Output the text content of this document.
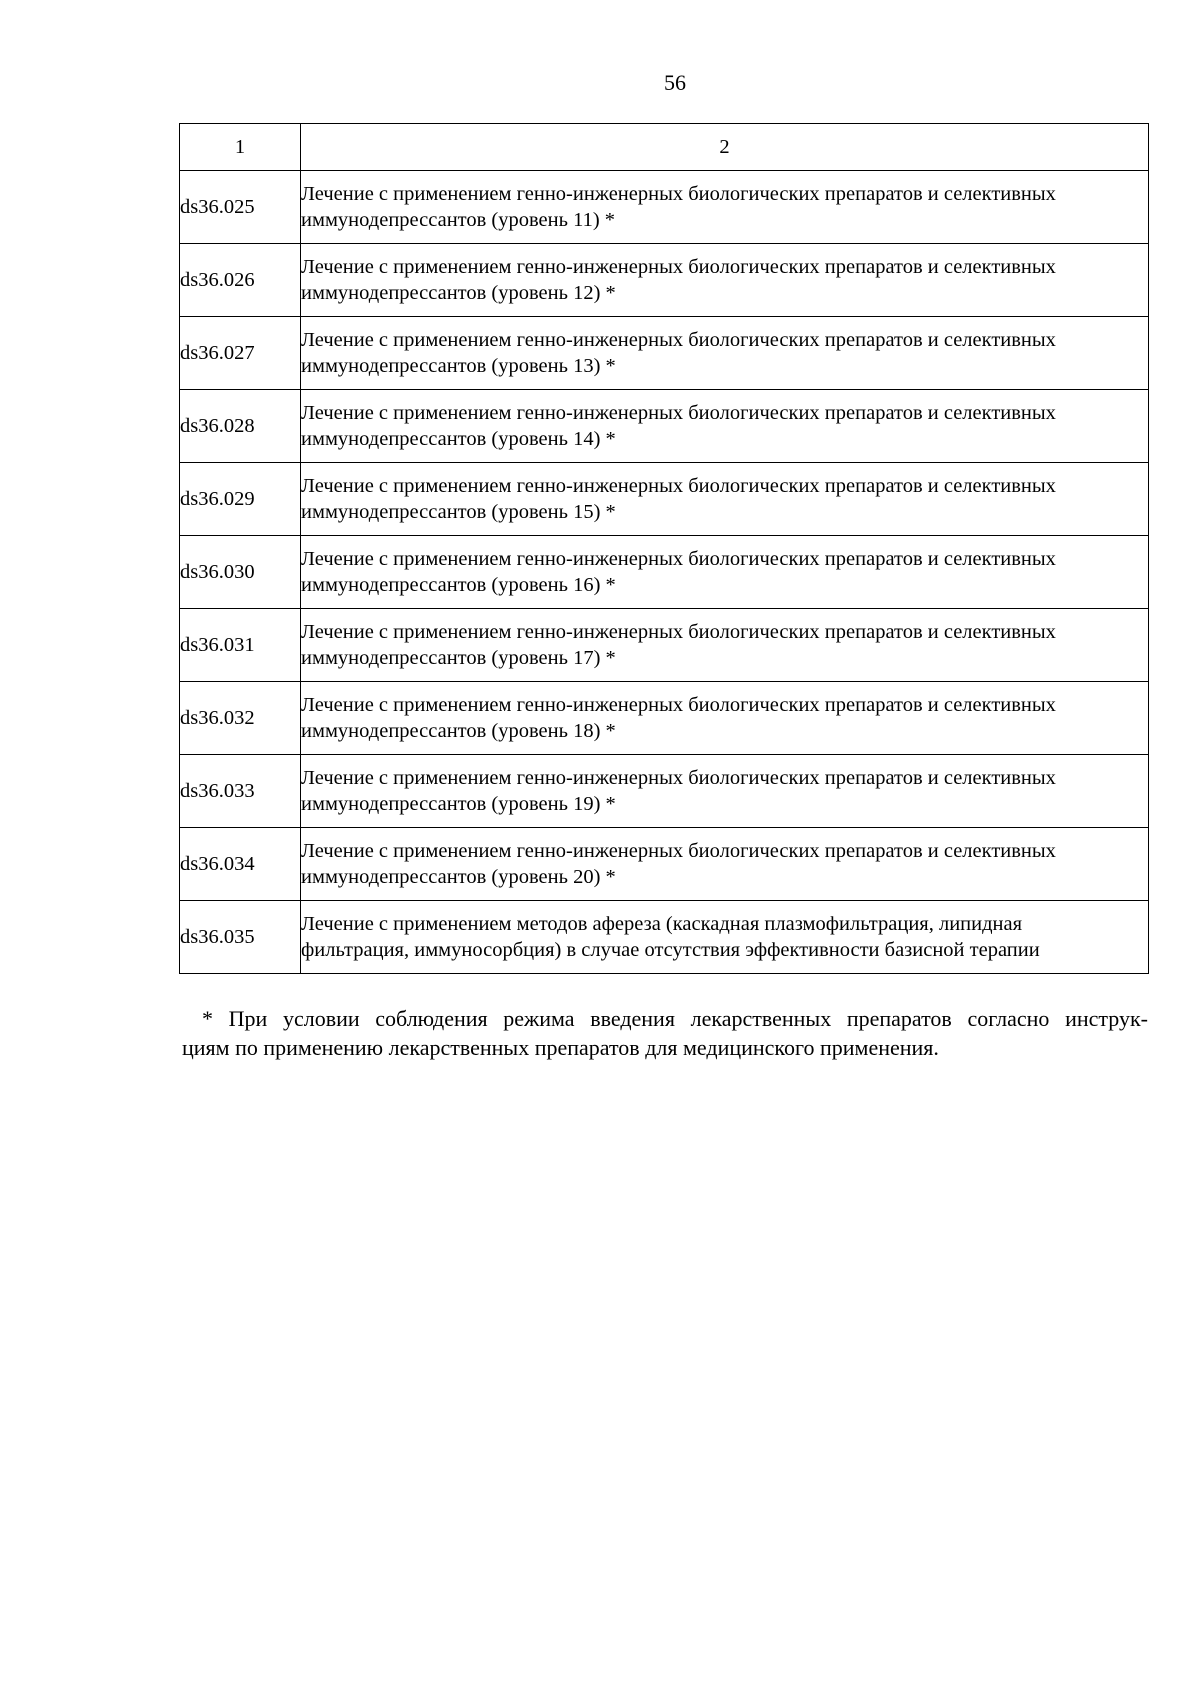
56
1	2
ds36.025	Лечение с применением генно-инженерных биологических препаратов и селективных
иммунодепрессантов (уровень 11) *

ds36.026	Лечение с применением генно-инженерных биологических препаратов и селективных
иммунодепрессантов (уровень 12) *

ds36.027	Лечение с применением генно-инженерных биологических препаратов и селективных
иммунодепрессантов (уровень 13) *

ds36.028	Лечение с применением генно-инженерных биологических препаратов и селективных
иммунодепрессантов (уровень 14) *

ds36.029	Лечение с применением генно-инженерных биологических препаратов и селективных
иммунодепрессантов (уровень 15) *

ds36.030	Лечение с применением генно-инженерных биологических препаратов и селективных
иммунодепрессантов (уровень 16) *

ds36.031	Лечение с применением генно-инженерных биологических препаратов и селективных
иммунодепрессантов (уровень 17) *

ds36.032	Лечение с применением генно-инженерных биологических препаратов и селективных
иммунодепрессантов (уровень 18) *

ds36.033	Лечение с применением генно-инженерных биологических препаратов и селективных
иммунодепрессантов (уровень 19) *

ds36.034	Лечение с применением генно-инженерных биологических препаратов и селективных
иммунодепрессантов (уровень 20) *

ds36.035	Лечение с применением методов афереза (каскадная плазмофильтрация, липидная
фильтрация, иммуносорбция) в случае отсутствия эффективности базисной терапии
* При условии соблюдения режима введения лекарственных препаратов согласно инструк-
циям по применению лекарственных препаратов для медицинского применения.
